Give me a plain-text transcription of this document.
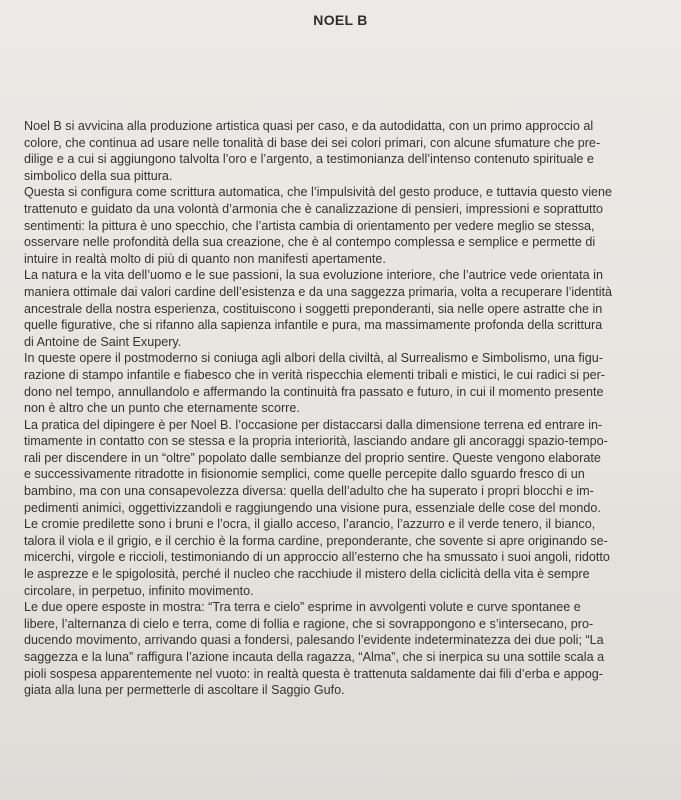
NOEL B

Noel B si avvicina alla produzione artistica quasi per caso, e da autodidatta, con un primo approccio al

colore, che continua ad usare nelle tonalità di base dei sei colori primari, con alcune sfumature che pre-

dilige e a cui si aggiungono talvolta l’oro e l’argento, a testimonianza dell’intenso contenuto spirituale e

simbolico della sua pittura.

Questa si configura come scrittura automatica, che l’impulsività del gesto produce, e tuttavia questo viene

trattenuto e guidato da una volontà d’armonia che è canalizzazione di pensieri, impressioni e soprattutto

sentimenti: la pittura è uno specchio, che l’artista cambia di orientamento per vedere meglio se stessa,

osservare nelle profondità della sua creazione, che è al contempo complessa e semplice e permette di

intuire in realtà molto di più di quanto non manifesti apertamente.

La natura e la vita dell’uomo e le sue passioni, la sua evoluzione interiore, che l’autrice vede orientata in

maniera ottimale dai valori cardine dell’esistenza e da una saggezza primaria, volta a recuperare l’identità

ancestrale della nostra esperienza, costituiscono i soggetti preponderanti, sia nelle opere astratte che in

quelle figurative, che si rifanno alla sapienza infantile e pura, ma massimamente profonda della scrittura

di Antoine de Saint Exupery.

In queste opere il postmoderno si coniuga agli albori della civiltà, al Surrealismo e Simbolismo, una figu-

razione di stampo infantile e fiabesco che in verità rispecchia elementi tribali e mistici, le cui radici si per-

dono nel tempo, annullandolo e affermando la continuità fra passato e futuro, in cui il momento presente

non è altro che un punto che eternamente scorre.

La pratica del dipingere è per Noel B. l’occasione per distaccarsi dalla dimensione terrena ed entrare in-

timamente in contatto con se stessa e la propria interiorità, lasciando andare gli ancoraggi spazio-tempo-

rali per discendere in un “oltre” popolato dalle sembianze del proprio sentire. Queste vengono elaborate

e successivamente ritradotte in fisionomie semplici, come quelle percepite dallo sguardo fresco di un

bambino, ma con una consapevolezza diversa: quella dell’adulto che ha superato i propri blocchi e im-

pedimenti animici, oggettivizzandoli e raggiungendo una visione pura, essenziale delle cose del mondo.

Le cromie predilette sono i bruni e l’ocra, il giallo acceso, l’arancio, l’azzurro e il verde tenero, il bianco,

talora il viola e il grigio, e il cerchio è la forma cardine, preponderante, che sovente si apre originando se-

micerchi, virgole e riccioli, testimoniando di un approccio all’esterno che ha smussato i suoi angoli, ridotto

le asprezze e le spigolosità, perché il nucleo che racchiude il mistero della ciclicità della vita è sempre

circolare, in perpetuo, infinito movimento.

Le due opere esposte in mostra: “Tra terra e cielo” esprime in avvolgenti volute e curve spontanee e

libere, l’alternanza di cielo e terra, come di follia e ragione, che si sovrappongono e s’intersecano, pro-

ducendo movimento, arrivando quasi a fondersi, palesando l’evidente indeterminatezza dei due poli; “La

saggezza e la luna” raffigura l’azione incauta della ragazza, “Alma”, che si inerpica su una sottile scala a

pioli sospesa apparentemente nel vuoto: in realtà questa è trattenuta saldamente dai fili d’erba e appog-

giata alla luna per permetterle di ascoltare il Saggio Gufo.
